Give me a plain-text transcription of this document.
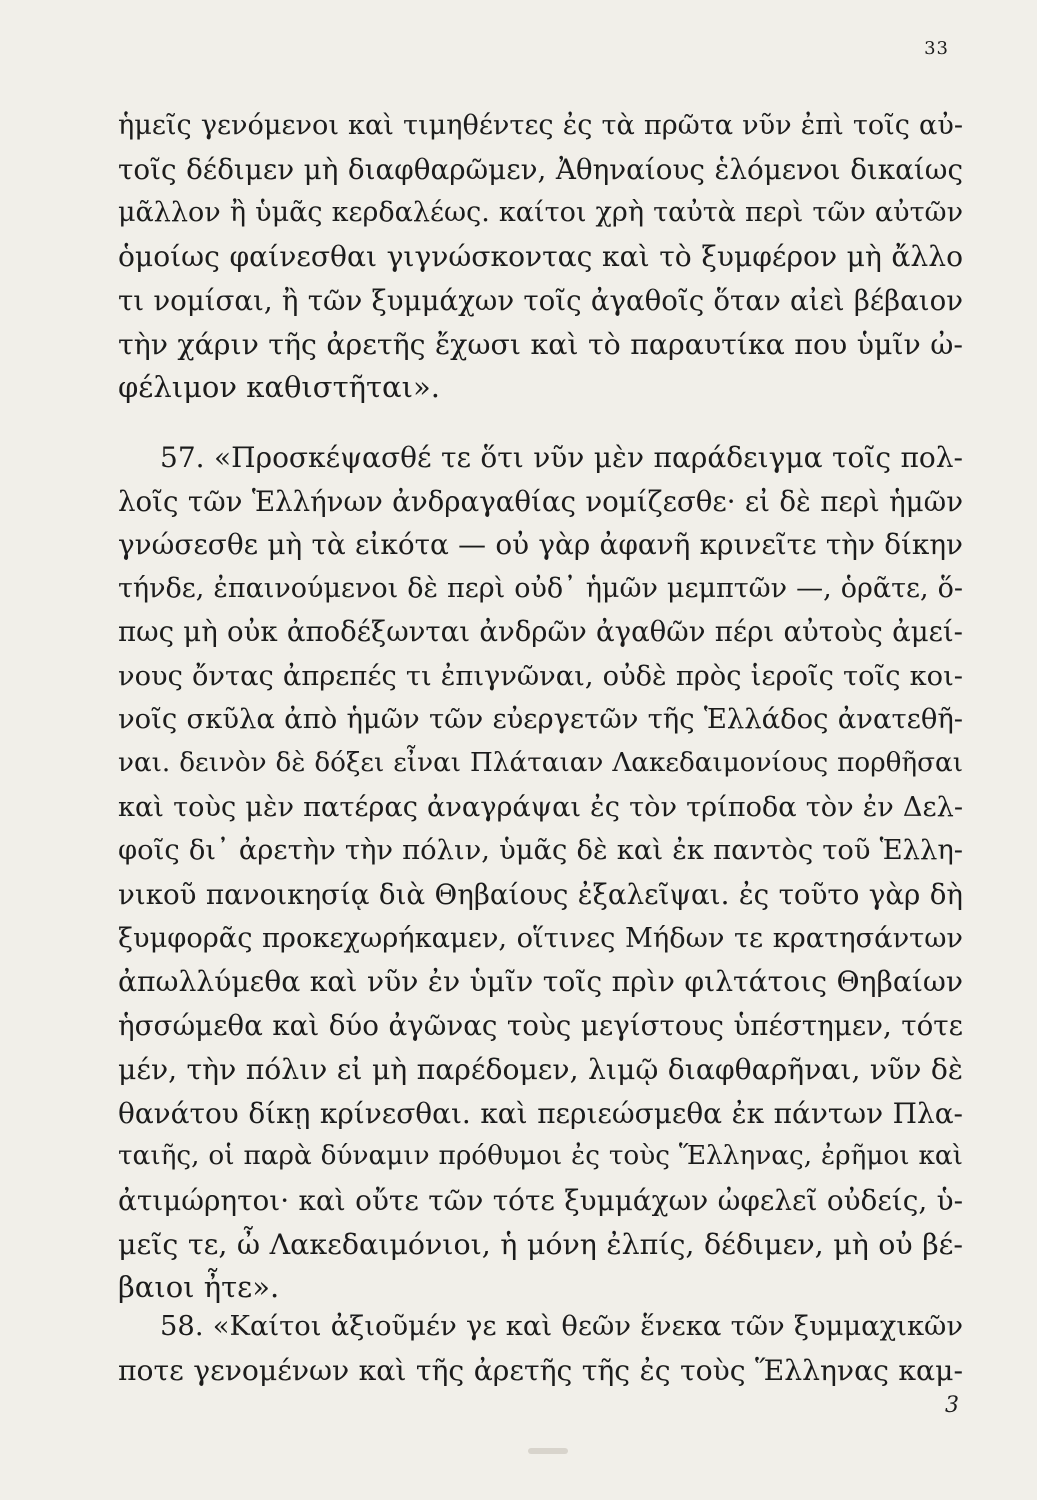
33
ἡμεῖς γενόμενοι καὶ τιμηθέντες ἐς τὰ πρῶτα νῦν ἐπὶ τοῖς αὐ-
τοῖς δέδιμεν μὴ διαφθαρῶμεν, Ἀθηναίους ἑλόμενοι δικαίως
μᾶλλον ἢ ὑμᾶς κερδαλέως. καίτοι χρὴ ταὐτὰ περὶ τῶν αὐτῶν
ὁμοίως φαίνεσθαι γιγνώσκοντας καὶ τὸ ξυμφέρον μὴ ἄλλο
τι νομίσαι, ἢ τῶν ξυμμάχων τοῖς ἀγαθοῖς ὅταν αἰεὶ βέβαιον
τὴν χάριν τῆς ἀρετῆς ἔχωσι καὶ τὸ παραυτίκα που ὑμῖν ὠ-
φέλιμον καθιστῆται».
57. «Προσκέψασθέ τε ὅτι νῦν μὲν παράδειγμα τοῖς πολ-
λοῖς τῶν Ἑλλήνων ἀνδραγαθίας νομίζεσθε· εἰ δὲ περὶ ἡμῶν
γνώσεσθε μὴ τὰ εἰκότα — οὐ γὰρ ἀφανῆ κρινεῖτε τὴν δίκην
τήνδε, ἐπαινούμενοι δὲ περὶ οὐδ᾽ ἡμῶν μεμπτῶν —, ὁρᾶτε, ὅ-
πως μὴ οὐκ ἀποδέξωνται ἀνδρῶν ἀγαθῶν πέρι αὐτοὺς ἀμεί-
νους ὄντας ἀπρεπές τι ἐπιγνῶναι, οὐδὲ πρὸς ἱεροῖς τοῖς κοι-
νοῖς σκῦλα ἀπὸ ἡμῶν τῶν εὐεργετῶν τῆς Ἑλλάδος ἀνατεθῆ-
ναι. δεινὸν δὲ δόξει εἶναι Πλάταιαν Λακεδαιμονίους πορθῆσαι
καὶ τοὺς μὲν πατέρας ἀναγράψαι ἐς τὸν τρίποδα τὸν ἐν Δελ-
φοῖς δι᾽ ἀρετὴν τὴν πόλιν, ὑμᾶς δὲ καὶ ἐκ παντὸς τοῦ Ἑλλη-
νικοῦ πανοικησίᾳ διὰ Θηβαίους ἐξαλεῖψαι. ἐς τοῦτο γὰρ δὴ
ξυμφορᾶς προκεχωρήκαμεν, οἵτινες Μήδων τε κρατησάντων
ἀπωλλύμεθα καὶ νῦν ἐν ὑμῖν τοῖς πρὶν φιλτάτοις Θηβαίων
ἡσσώμεθα καὶ δύο ἀγῶνας τοὺς μεγίστους ὑπέστημεν, τότε
μέν, τὴν πόλιν εἰ μὴ παρέδομεν, λιμῷ διαφθαρῆναι, νῦν δὲ
θανάτου δίκῃ κρίνεσθαι. καὶ περιεώσμεθα ἐκ πάντων Πλα-
ταιῆς, οἱ παρὰ δύναμιν πρόθυμοι ἐς τοὺς Ἕλληνας, ἐρῆμοι καὶ
ἀτιμώρητοι· καὶ οὔτε τῶν τότε ξυμμάχων ὠφελεῖ οὐδείς, ὑ-
μεῖς τε, ὦ Λακεδαιμόνιοι, ἡ μόνη ἐλπίς, δέδιμεν, μὴ οὐ βέ-
βαιοι ἦτε».
58. «Καίτοι ἀξιοῦμέν γε καὶ θεῶν ἕνεκα τῶν ξυμμαχικῶν
ποτε γενομένων καὶ τῆς ἀρετῆς τῆς ἐς τοὺς Ἕλληνας καμ-
3
